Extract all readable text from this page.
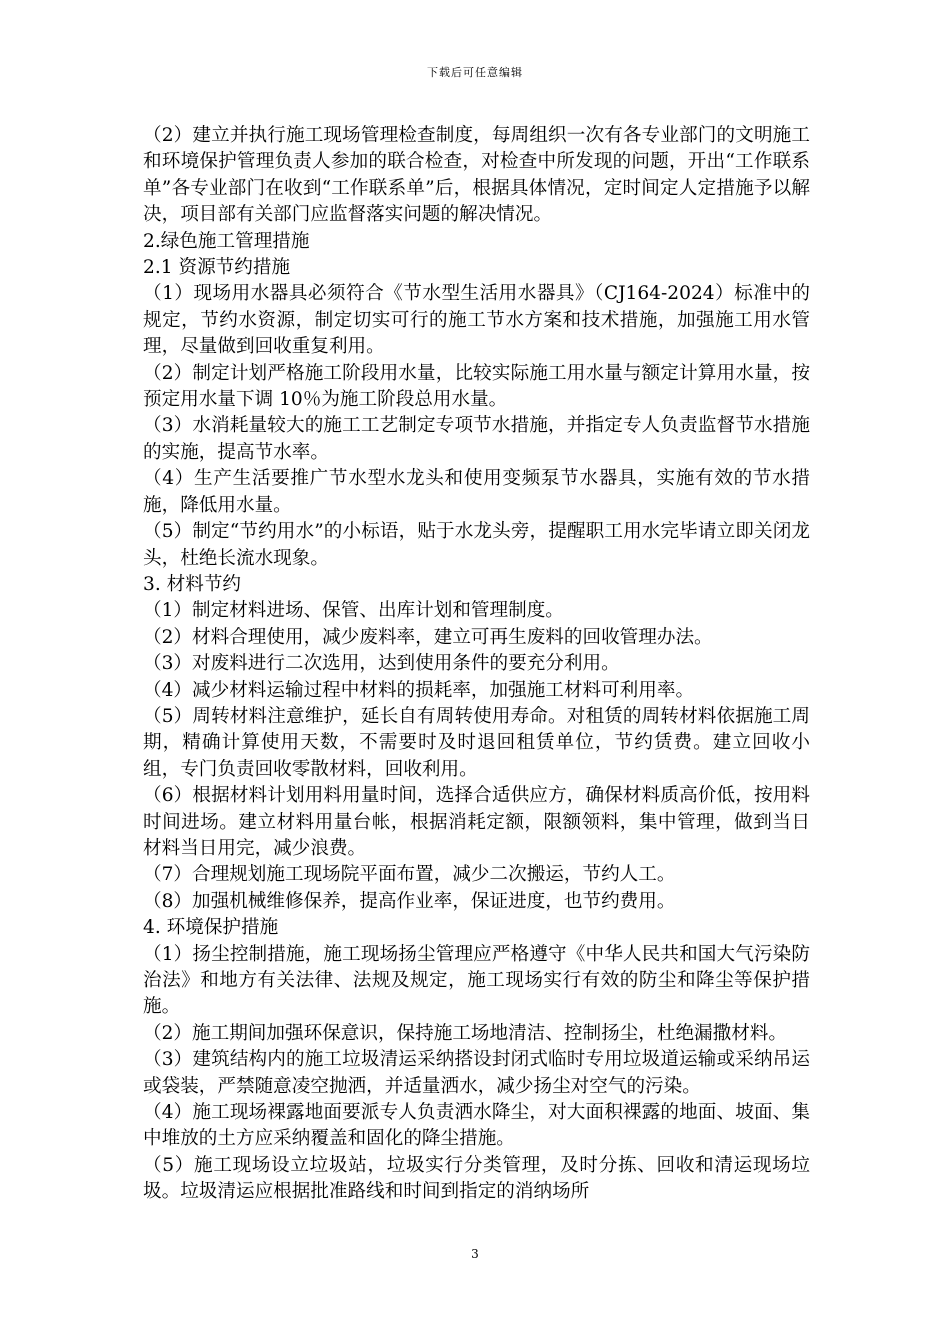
下载后可任意编辑

（2）建立并执行施工现场管理检查制度，每周组织一次有各专业部门的文明施工和环境保护管理负责人参加的联合检查，对检查中所发现的问题，开出“工作联系单”各专业部门在收到“工作联系单”后，根据具体情况，定时间定人定措施予以解决，项目部有关部门应监督落实问题的解决情况。

2.绿色施工管理措施

2.1 资源节约措施

（1）现场用水器具必须符合《节水型生活用水器具》（CJ164-2024）标准中的规定，节约水资源，制定切实可行的施工节水方案和技术措施，加强施工用水管理，尽量做到回收重复利用。

（2）制定计划严格施工阶段用水量，比较实际施工用水量与额定计算用水量，按预定用水量下调 10％为施工阶段总用水量。

（3）水消耗量较大的施工工艺制定专项节水措施，并指定专人负责监督节水措施的实施，提高节水率。

（4）生产生活要推广节水型水龙头和使用变频泵节水器具，实施有效的节水措施，降低用水量。

（5）制定“节约用水”的小标语，贴于水龙头旁，提醒职工用水完毕请立即关闭龙头，杜绝长流水现象。

3. 材料节约

（1）制定材料进场、保管、出库计划和管理制度。

（2）材料合理使用，减少废料率，建立可再生废料的回收管理办法。

（3）对废料进行二次选用，达到使用条件的要充分利用。

（4）减少材料运输过程中材料的损耗率，加强施工材料可利用率。

（5）周转材料注意维护，延长自有周转使用寿命。对租赁的周转材料依据施工周期，精确计算使用天数，不需要时及时退回租赁单位，节约赁费。建立回收小组，专门负责回收零散材料，回收利用。

（6）根据材料计划用料用量时间，选择合适供应方，确保材料质高价低，按用料时间进场。建立材料用量台帐，根据消耗定额，限额领料，集中管理，做到当日材料当日用完，减少浪费。

（7）合理规划施工现场院平面布置，减少二次搬运，节约人工。

（8）加强机械维修保养，提高作业率，保证进度，也节约费用。

4. 环境保护措施

（1）扬尘控制措施，施工现场扬尘管理应严格遵守《中华人民共和国大气污染防治法》和地方有关法律、法规及规定，施工现场实行有效的防尘和降尘等保护措施。

（2）施工期间加强环保意识，保持施工场地清洁、控制扬尘，杜绝漏撒材料。

（3）建筑结构内的施工垃圾清运采纳搭设封闭式临时专用垃圾道运输或采纳吊运或袋装，严禁随意凌空抛洒，并适量洒水，减少扬尘对空气的污染。

（4）施工现场裸露地面要派专人负责洒水降尘，对大面积裸露的地面、坡面、集中堆放的土方应采纳覆盖和固化的降尘措施。

（5）施工现场设立垃圾站，垃圾实行分类管理，及时分拣、回收和清运现场垃圾。垃圾清运应根据批准路线和时间到指定的消纳场所

3
